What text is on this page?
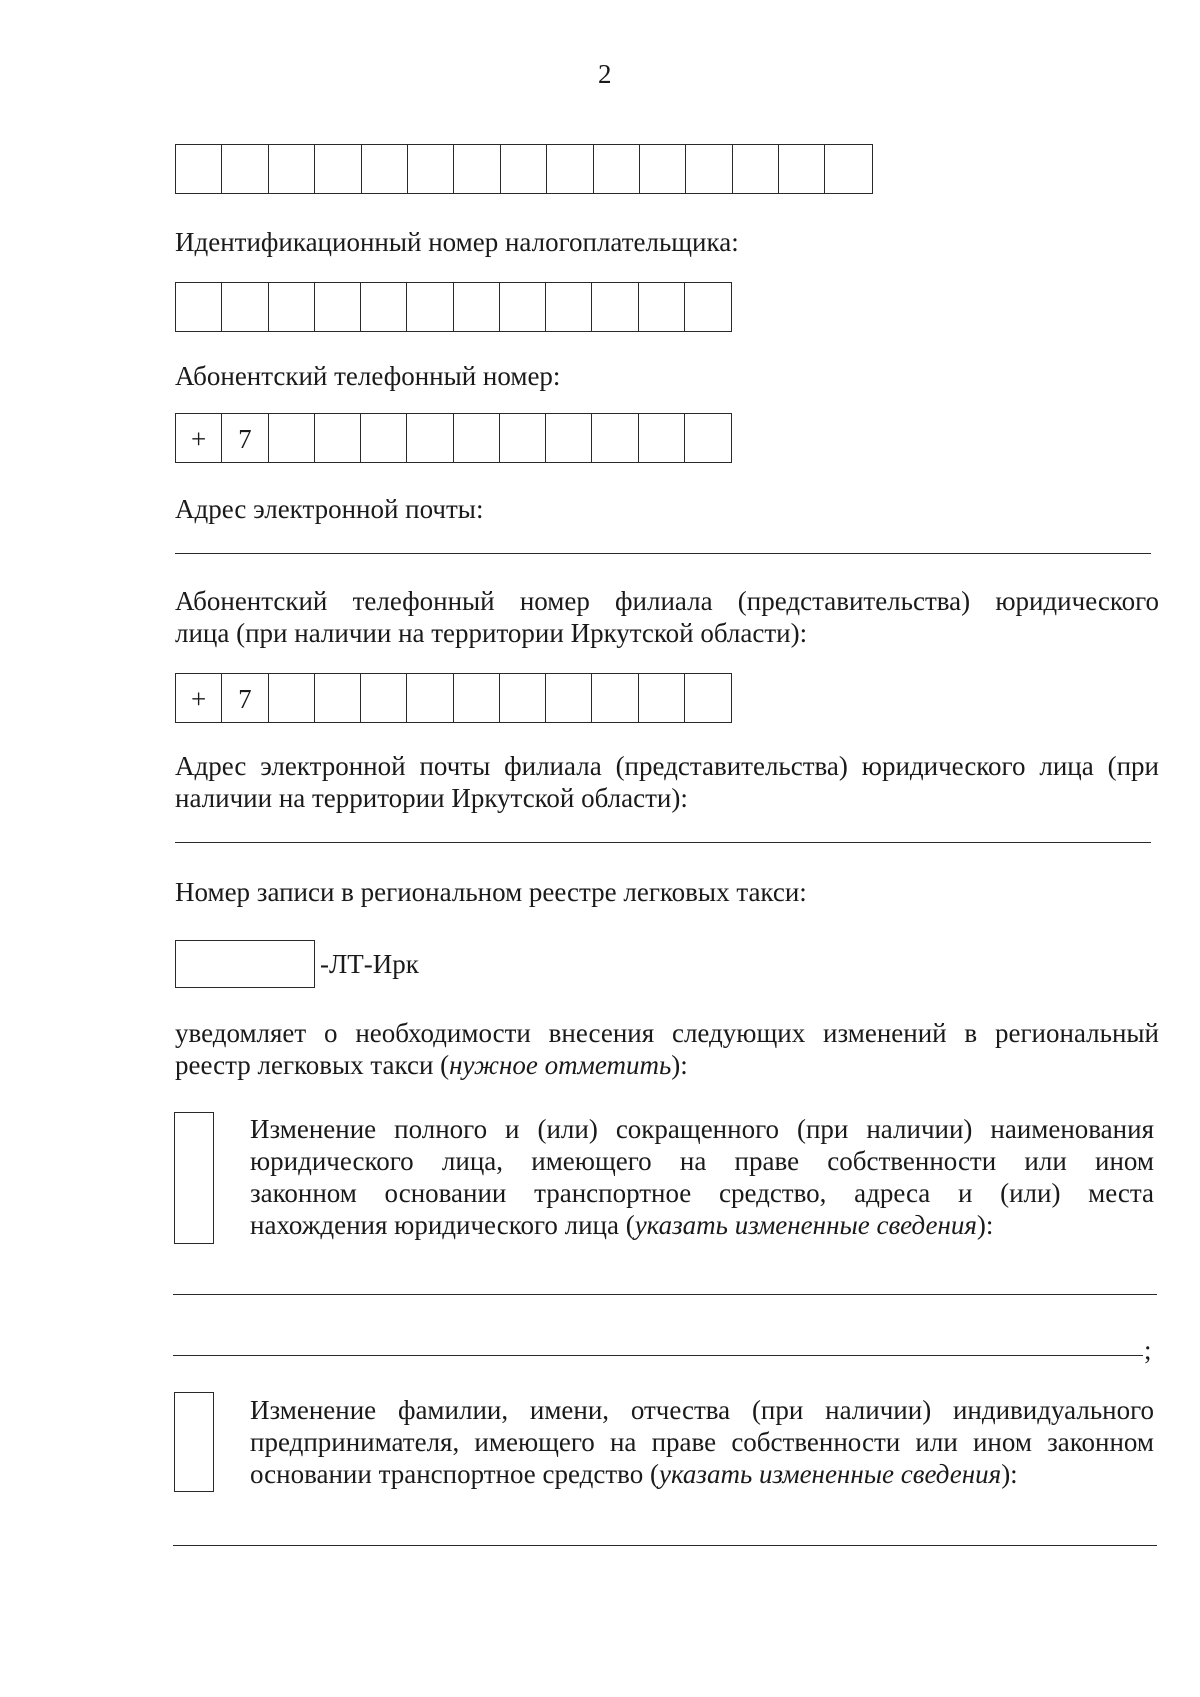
2
Идентификационный номер налогоплательщика:
Абонентский телефонный номер:
+	7
Адрес электронной почты:
Абонентский телефонный номер филиала (представительства) юридического
лица (при наличии на территории Иркутской области):
+	7
Адрес электронной почты филиала (представительства) юридического лица (при
наличии на территории Иркутской области):
Номер записи в региональном реестре легковых такси:
-ЛТ-Ирк
уведомляет о необходимости внесения следующих изменений в региональный
реестр легковых такси (нужное отметить):
Изменение полного и (или) сокращенного (при наличии) наименования
юридического лица, имеющего на праве собственности или ином
законном основании транспортное средство, адреса и (или) места
нахождения юридического лица (указать измененные сведения):
;
Изменение фамилии, имени, отчества (при наличии) индивидуального
предпринимателя, имеющего на праве собственности или ином законном
основании транспортное средство (указать измененные сведения):
